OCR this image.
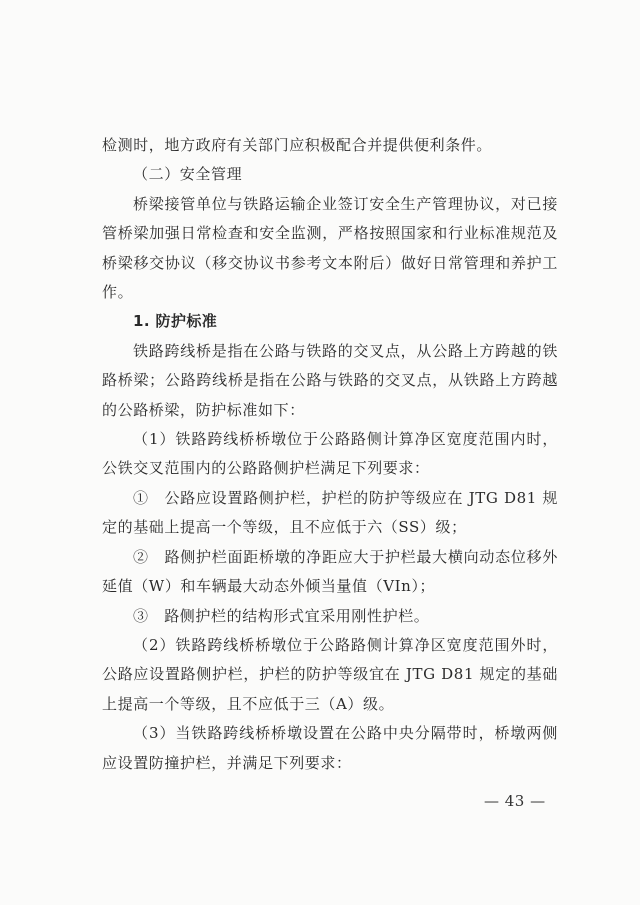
检测时，地方政府有关部门应积极配合并提供便利条件。

（二）安全管理

桥梁接管单位与铁路运输企业签订安全生产管理协议，对已接管桥梁加强日常检查和安全监测，严格按照国家和行业标准规范及桥梁移交协议（移交协议书参考文本附后）做好日常管理和养护工作。

1. 防护标准

铁路跨线桥是指在公路与铁路的交叉点，从公路上方跨越的铁路桥梁；公路跨线桥是指在公路与铁路的交叉点，从铁路上方跨越的公路桥梁，防护标准如下：

（1）铁路跨线桥桥墩位于公路路侧计算净区宽度范围内时，公铁交叉范围内的公路路侧护栏满足下列要求：

①　公路应设置路侧护栏，护栏的防护等级应在 JTG D81 规定的基础上提高一个等级，且不应低于六（SS）级；

②　路侧护栏面距桥墩的净距应大于护栏最大横向动态位移外延值（W）和车辆最大动态外倾当量值（VIn）；

③　路侧护栏的结构形式宜采用刚性护栏。

（2）铁路跨线桥桥墩位于公路路侧计算净区宽度范围外时，公路应设置路侧护栏，护栏的防护等级宜在 JTG D81 规定的基础上提高一个等级，且不应低于三（A）级。

（3）当铁路跨线桥桥墩设置在公路中央分隔带时，桥墩两侧应设置防撞护栏，并满足下列要求：

— 43 —
